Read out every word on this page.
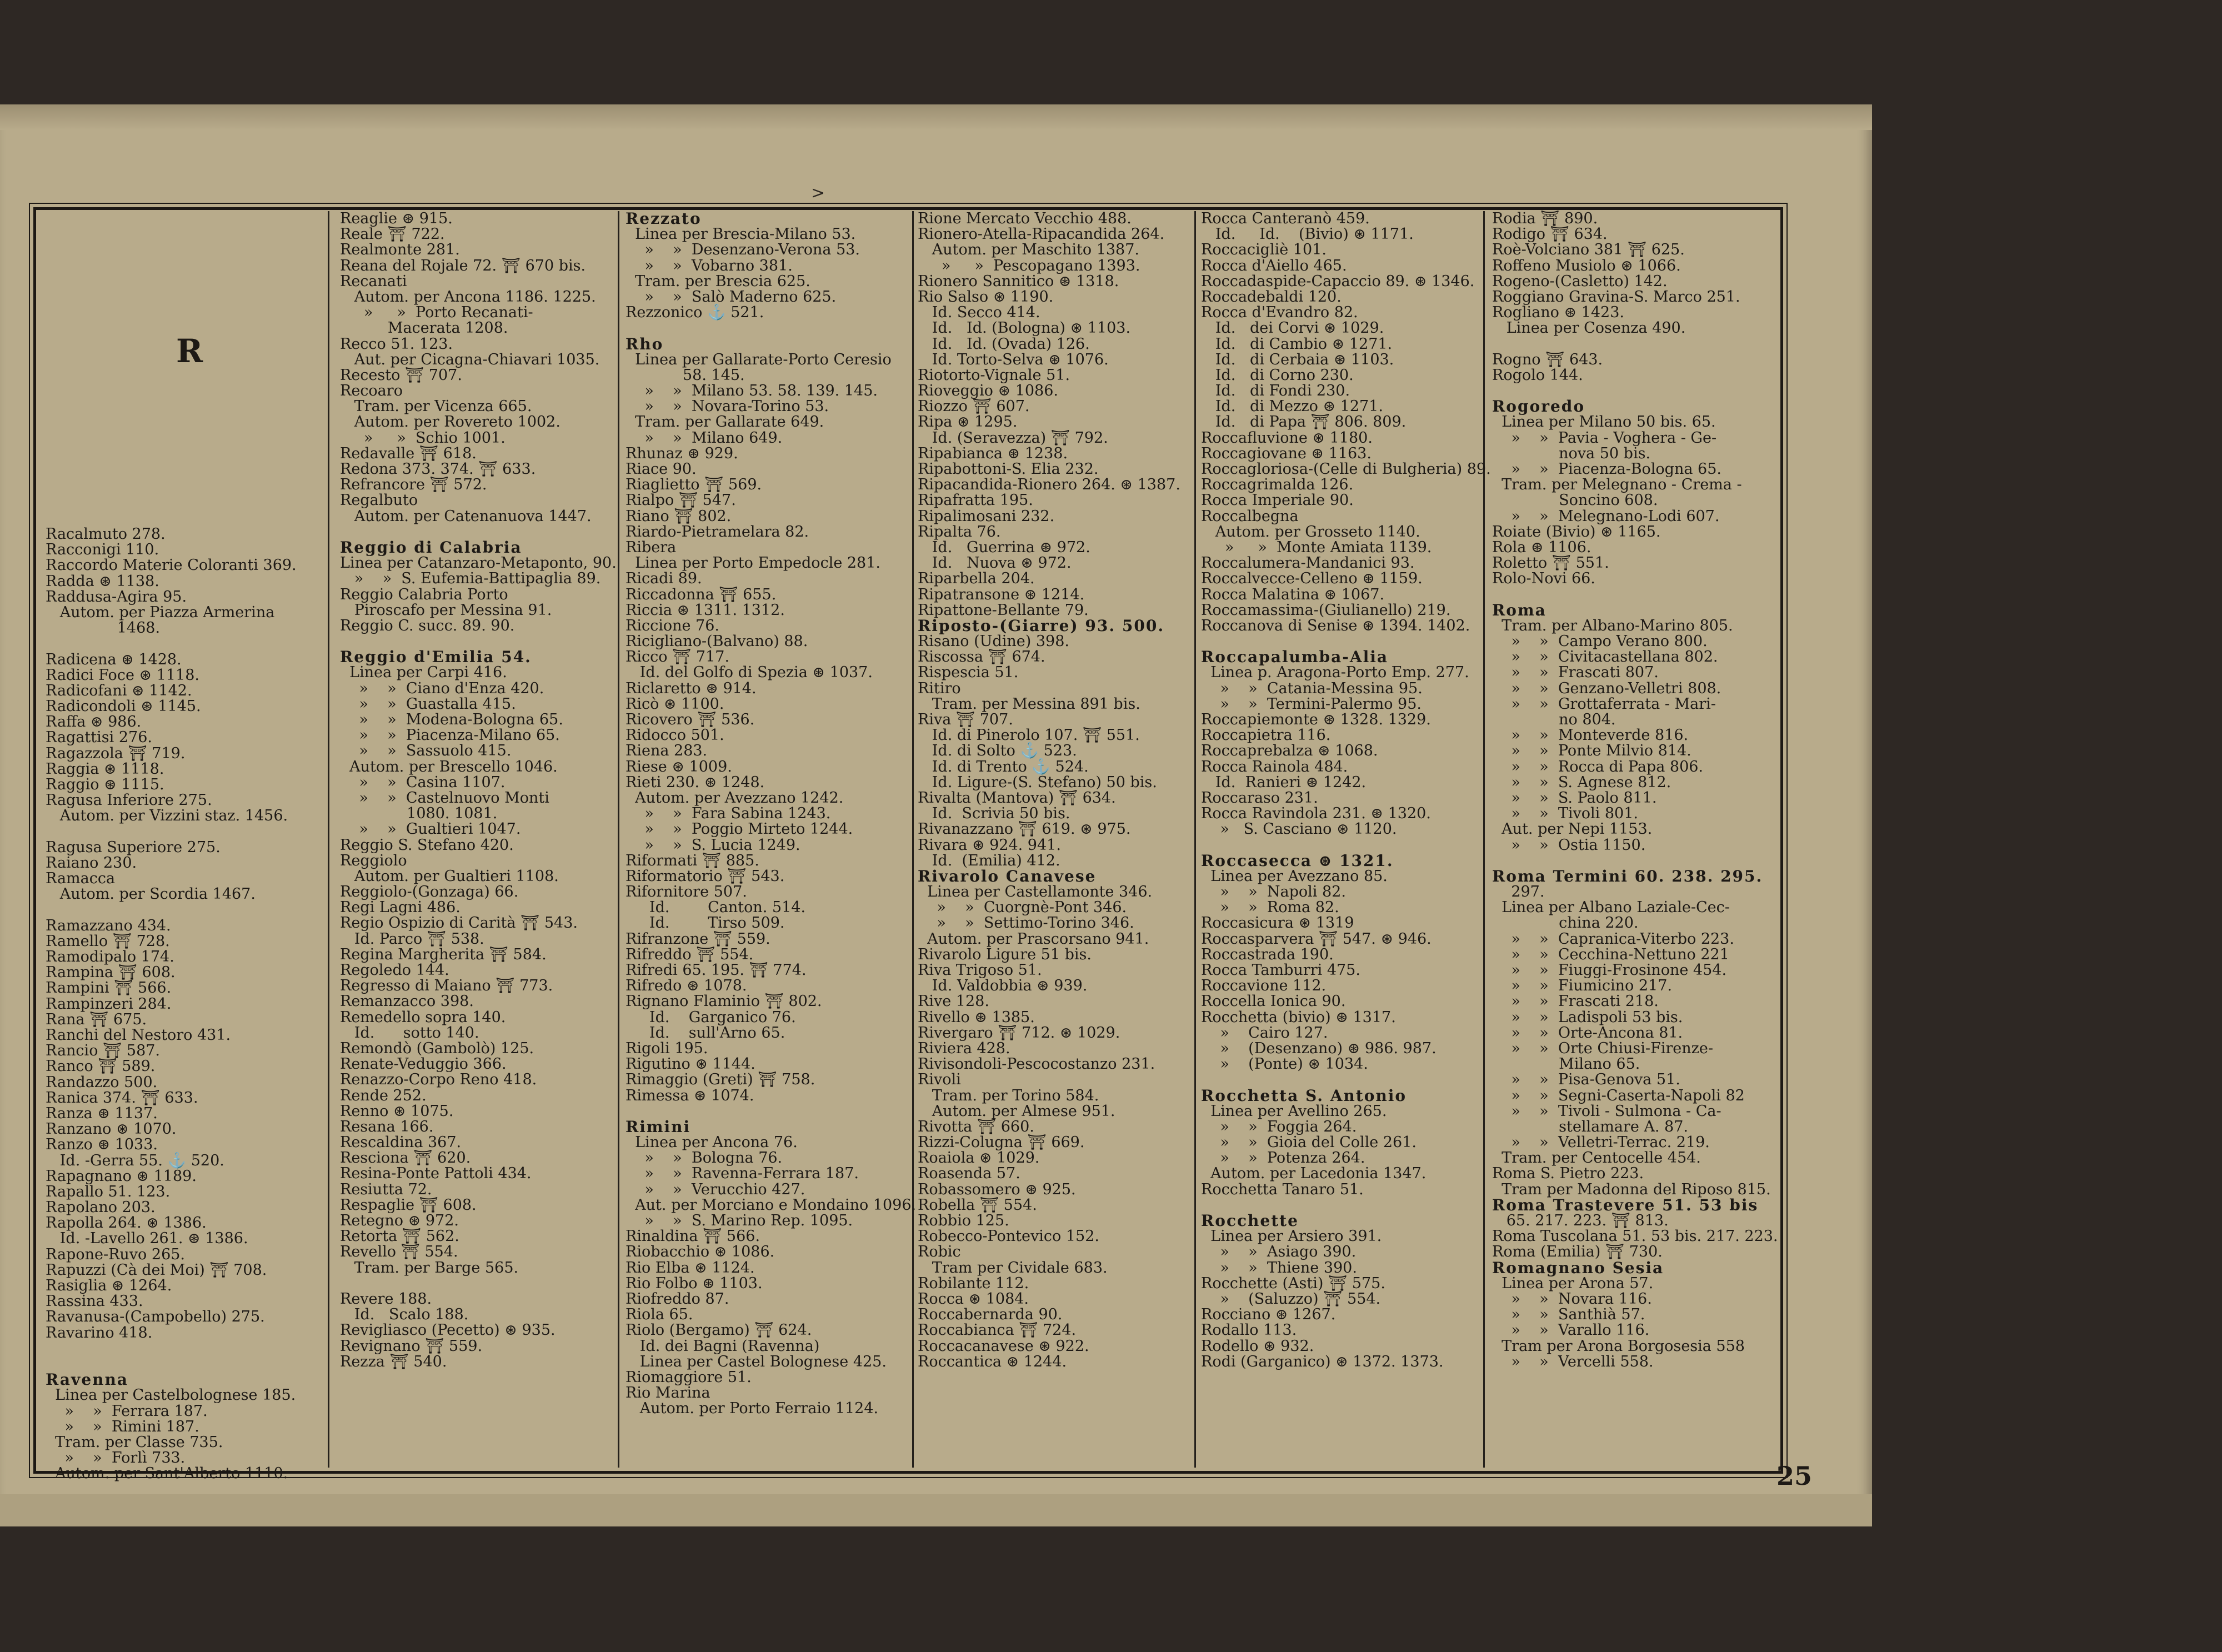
>
R
Racalmuto 278.
Racconigi 110.
Raccordo Materie Coloranti 369.
Radda ⊛ 1138.
Raddusa-Agira 95.
Autom. per Piazza Armerina
1468.
Radicena ⊛ 1428.
Radici Foce ⊛ 1118.
Radicofani ⊛ 1142.
Radicondoli ⊛ 1145.
Raffa ⊛ 986.
Ragattisi 276.
Ragazzola ⛩ 719.
Raggia ⊛ 1118.
Raggio ⊛ 1115.
Ragusa Inferiore 275.
Autom. per Vizzini staz. 1456.
Ragusa Superiore 275.
Raiano 230.
Ramacca
Autom. per Scordia 1467.
Ramazzano 434.
Ramello ⛩ 728.
Ramodipalo 174.
Rampina ⛩ 608.
Rampini ⛩ 566.
Rampinzeri 284.
Rana ⛩ 675.
Ranchi del Nestoro 431.
Rancio ⛩ 587.
Ranco ⛩ 589.
Randazzo 500.
Ranica 374. ⛩ 633.
Ranza ⊛ 1137.
Ranzano ⊛ 1070.
Ranzo ⊛ 1033.
Id. -Gerra 55. ⚓ 520.
Rapagnano ⊛ 1189.
Rapallo 51. 123.
Rapolano 203.
Rapolla 264. ⊛ 1386.
Id. -Lavello 261. ⊛ 1386.
Rapone-Ruvo 265.
Rapuzzi (Cà dei Moi) ⛩ 708.
Rasiglia ⊛ 1264.
Rassina 433.
Ravanusa-(Campobello) 275.
Ravarino 418.
Ravenna
Linea per Castelbolognese 185.
»    »  Ferrara 187.
»    »  Rimini 187.
Tram. per Classe 735.
»    »  Forlì 733.
Autom. per Sant'Alberto 1110.
Reaglie ⊛ 915.
Reale ⛩ 722.
Realmonte 281.
Reana del Rojale 72. ⛩ 670 bis.
Recanati
Autom. per Ancona 1186. 1225.
»     »  Porto Recanati-
Macerata 1208.
Recco 51. 123.
Aut. per Cicagna-Chiavari 1035.
Recesto ⛩ 707.
Recoaro
Tram. per Vicenza 665.
Autom. per Rovereto 1002.
»     »  Schio 1001.
Redavalle ⛩ 618.
Redona 373. 374. ⛩ 633.
Refrancore ⛩ 572.
Regalbuto
Autom. per Catenanuova 1447.
Reggio di Calabria
Linea per Catanzaro-Metaponto, 90.
»    »  S. Eufemia-Battipaglia 89.
Reggio Calabria Porto
Piroscafo per Messina 91.
Reggio C. succ. 89. 90.
Reggio d'Emilia 54.
Linea per Carpi 416.
»    »  Ciano d'Enza 420.
»    »  Guastalla 415.
»    »  Modena-Bologna 65.
»    »  Piacenza-Milano 65.
»    »  Sassuolo 415.
Autom. per Brescello 1046.
»    »  Casina 1107.
»    »  Castelnuovo Monti
1080. 1081.
»    »  Gualtieri 1047.
Reggio S. Stefano 420.
Reggiolo
Autom. per Gualtieri 1108.
Reggiolo-(Gonzaga) 66.
Regi Lagni 486.
Regio Ospizio di Carità ⛩ 543.
Id. Parco ⛩ 538.
Regina Margherita ⛩ 584.
Regoledo 144.
Regresso di Maiano ⛩ 773.
Remanzacco 398.
Remedello sopra 140.
Id.      sotto 140.
Remondò (Gambolò) 125.
Renate-Veduggio 366.
Renazzo-Corpo Reno 418.
Rende 252.
Renno ⊛ 1075.
Resana 166.
Rescaldina 367.
Resciona ⛩ 620.
Resina-Ponte Pattoli 434.
Resiutta 72.
Respaglie ⛩ 608.
Retegno ⊛ 972.
Retorta ⛩ 562.
Revello ⛩ 554.
Tram. per Barge 565.
Revere 188.
Id.   Scalo 188.
Revigliasco (Pecetto) ⊛ 935.
Revignano ⛩ 559.
Rezza ⛩ 540.
Rezzato
Linea per Brescia-Milano 53.
»    »  Desenzano-Verona 53.
»    »  Vobarno 381.
Tram. per Brescia 625.
»    »  Salò Maderno 625.
Rezzonico ⚓ 521.
Rho
Linea per Gallarate-Porto Ceresio
58. 145.
»    »  Milano 53. 58. 139. 145.
»    »  Novara-Torino 53.
Tram. per Gallarate 649.
»    »  Milano 649.
Rhunaz ⊛ 929.
Riace 90.
Riaglietto ⛩ 569.
Rialpo ⛩ 547.
Riano ⛩ 802.
Riardo-Pietramelara 82.
Ribera
Linea per Porto Empedocle 281.
Ricadi 89.
Riccadonna ⛩ 655.
Riccia ⊛ 1311. 1312.
Riccione 76.
Ricigliano-(Balvano) 88.
Ricco ⛩ 717.
Id. del Golfo di Spezia ⊛ 1037.
Riclaretto ⊛ 914.
Ricò ⊛ 1100.
Ricovero ⛩ 536.
Ridocco 501.
Riena 283.
Riese ⊛ 1009.
Rieti 230. ⊛ 1248.
Autom. per Avezzano 1242.
»    »  Fara Sabina 1243.
»    »  Poggio Mirteto 1244.
»    »  S. Lucia 1249.
Riformati ⛩ 885.
Riformatorio ⛩ 543.
Rifornitore 507.
Id.        Canton. 514.
Id.        Tirso 509.
Rifranzone ⛩ 559.
Rifreddo ⛩ 554.
Rifredi 65. 195. ⛩ 774.
Rifredo ⊛ 1078.
Rignano Flaminio ⛩ 802.
Id.    Garganico 76.
Id.    sull'Arno 65.
Rigoli 195.
Rigutino ⊛ 1144.
Rimaggio (Greti) ⛩ 758.
Rimessa ⊛ 1074.
Rimini
Linea per Ancona 76.
»    »  Bologna 76.
»    »  Ravenna-Ferrara 187.
»    »  Verucchio 427.
Aut. per Morciano e Mondaino 1096.
»    »  S. Marino Rep. 1095.
Rinaldina ⛩ 566.
Riobacchio ⊛ 1086.
Rio Elba ⊛ 1124.
Rio Folbo ⊛ 1103.
Riofreddo 87.
Riola 65.
Riolo (Bergamo) ⛩ 624.
Id. dei Bagni (Ravenna)
Linea per Castel Bolognese 425.
Riomaggiore 51.
Rio Marina
Autom. per Porto Ferraio 1124.
Rione Mercato Vecchio 488.
Rionero-Atella-Ripacandida 264.
Autom. per Maschito 1387.
»     »  Pescopagano 1393.
Rionero Sannitico ⊛ 1318.
Rio Salso ⊛ 1190.
Id. Secco 414.
Id.   Id. (Bologna) ⊛ 1103.
Id.   Id. (Ovada) 126.
Id. Torto-Selva ⊛ 1076.
Riotorto-Vignale 51.
Rioveggio ⊛ 1086.
Riozzo ⛩ 607.
Ripa ⊛ 1295.
Id. (Seravezza) ⛩ 792.
Ripabianca ⊛ 1238.
Ripabottoni-S. Elia 232.
Ripacandida-Rionero 264. ⊛ 1387.
Ripafratta 195.
Ripalimosani 232.
Ripalta 76.
Id.   Guerrina ⊛ 972.
Id.   Nuova ⊛ 972.
Riparbella 204.
Ripatransone ⊛ 1214.
Ripattone-Bellante 79.
Riposto-(Giarre) 93. 500.
Risano (Udine) 398.
Riscossa ⛩ 674.
Rispescia 51.
Ritiro
Tram. per Messina 891 bis.
Riva ⛩ 707.
Id. di Pinerolo 107. ⛩ 551.
Id. di Solto ⚓ 523.
Id. di Trento ⚓ 524.
Id. Ligure-(S. Stefano) 50 bis.
Rivalta (Mantova) ⛩ 634.
Id.  Scrivia 50 bis.
Rivanazzano ⛩ 619. ⊛ 975.
Rivara ⊛ 924. 941.
Id.  (Emilia) 412.
Rivarolo Canavese
Linea per Castellamonte 346.
»    »  Cuorgnè-Pont 346.
»    »  Settimo-Torino 346.
Autom. per Prascorsano 941.
Rivarolo Ligure 51 bis.
Riva Trigoso 51.
Id. Valdobbia ⊛ 939.
Rive 128.
Rivello ⊛ 1385.
Rivergaro ⛩ 712. ⊛ 1029.
Riviera 428.
Rivisondoli-Pescocostanzo 231.
Rivoli
Tram. per Torino 584.
Autom. per Almese 951.
Rivotta ⛩ 660.
Rizzi-Colugna ⛩ 669.
Roaiola ⊛ 1029.
Roasenda 57.
Robassomero ⊛ 925.
Robella ⛩ 554.
Robbio 125.
Robecco-Pontevico 152.
Robic
Tram per Cividale 683.
Robilante 112.
Rocca ⊛ 1084.
Roccabernarda 90.
Roccabianca ⛩ 724.
Roccacanavese ⊛ 922.
Roccantica ⊛ 1244.
Rocca Canteranò 459.
Id.     Id.    (Bivio) ⊛ 1171.
Roccacigliè 101.
Rocca d'Aiello 465.
Roccadaspide-Capaccio 89. ⊛ 1346.
Roccadebaldi 120.
Rocca d'Evandro 82.
Id.   dei Corvi ⊛ 1029.
Id.   di Cambio ⊛ 1271.
Id.   di Cerbaia ⊛ 1103.
Id.   di Corno 230.
Id.   di Fondi 230.
Id.   di Mezzo ⊛ 1271.
Id.   di Papa ⛩ 806. 809.
Roccafluvione ⊛ 1180.
Roccagiovane ⊛ 1163.
Roccagloriosa-(Celle di Bulgheria) 89.
Roccagrimalda 126.
Rocca Imperiale 90.
Roccalbegna
Autom. per Grosseto 1140.
»     »  Monte Amiata 1139.
Roccalumera-Mandanici 93.
Roccalvecce-Celleno ⊛ 1159.
Rocca Malatina ⊛ 1067.
Roccamassima-(Giulianello) 219.
Roccanova di Senise ⊛ 1394. 1402.
Roccapalumba-Alia
Linea p. Aragona-Porto Emp. 277.
»    »  Catania-Messina 95.
»    »  Termini-Palermo 95.
Roccapiemonte ⊛ 1328. 1329.
Roccapietra 116.
Roccaprebalza ⊛ 1068.
Rocca Rainola 484.
Id.  Ranieri ⊛ 1242.
Roccaraso 231.
Rocca Ravindola 231. ⊛ 1320.
»   S. Casciano ⊛ 1120.
Roccasecca ⊛ 1321.
Linea per Avezzano 85.
»    »  Napoli 82.
»    »  Roma 82.
Roccasicura ⊛ 1319
Roccasparvera ⛩ 547. ⊛ 946.
Roccastrada 190.
Rocca Tamburri 475.
Roccavione 112.
Roccella Ionica 90.
Rocchetta (bivio) ⊛ 1317.
»    Cairo 127.
»    (Desenzano) ⊛ 986. 987.
»    (Ponte) ⊛ 1034.
Rocchetta S. Antonio
Linea per Avellino 265.
»    »  Foggia 264.
»    »  Gioia del Colle 261.
»    »  Potenza 264.
Autom. per Lacedonia 1347.
Rocchetta Tanaro 51.
Rocchette
Linea per Arsiero 391.
»    »  Asiago 390.
»    »  Thiene 390.
Rocchette (Asti) ⛩ 575.
»    (Saluzzo) ⛩ 554.
Rocciano ⊛ 1267.
Rodallo 113.
Rodello ⊛ 932.
Rodi (Garganico) ⊛ 1372. 1373.
Rodia ⛩ 890.
Rodigo ⛩ 634.
Roè-Volciano 381 ⛩ 625.
Roffeno Musiolo ⊛ 1066.
Rogeno-(Casletto) 142.
Roggiano Gravina-S. Marco 251.
Rogliano ⊛ 1423.
Linea per Cosenza 490.
Rogno ⛩ 643.
Rogolo 144.
Rogoredo
Linea per Milano 50 bis. 65.
»    »  Pavia - Voghera - Ge-
nova 50 bis.
»    »  Piacenza-Bologna 65.
Tram. per Melegnano - Crema -
Soncino 608.
»    »  Melegnano-Lodi 607.
Roiate (Bivio) ⊛ 1165.
Rola ⊛ 1106.
Roletto ⛩ 551.
Rolo-Novi 66.
Roma
Tram. per Albano-Marino 805.
»    »  Campo Verano 800.
»    »  Civitacastellana 802.
»    »  Frascati 807.
»    »  Genzano-Velletri 808.
»    »  Grottaferrata - Mari-
no 804.
»    »  Monteverde 816.
»    »  Ponte Milvio 814.
»    »  Rocca di Papa 806.
»    »  S. Agnese 812.
»    »  S. Paolo 811.
»    »  Tivoli 801.
Aut. per Nepi 1153.
»    »  Ostia 1150.
Roma Termini 60. 238. 295.
297.
Linea per Albano Laziale-Cec-
china 220.
»    »  Capranica-Viterbo 223.
»    »  Cecchina-Nettuno 221
»    »  Fiuggi-Frosinone 454.
»    »  Fiumicino 217.
»    »  Frascati 218.
»    »  Ladispoli 53 bis.
»    »  Orte-Ancona 81.
»    »  Orte Chiusi-Firenze-
Milano 65.
»    »  Pisa-Genova 51.
»    »  Segni-Caserta-Napoli 82
»    »  Tivoli - Sulmona - Ca-
stellamare A. 87.
»    »  Velletri-Terrac. 219.
Tram. per Centocelle 454.
Roma S. Pietro 223.
Tram per Madonna del Riposo 815.
Roma Trastevere 51. 53 bis
65. 217. 223. ⛩ 813.
Roma Tuscolana 51. 53 bis. 217. 223.
Roma (Emilia) ⛩ 730.
Romagnano Sesia
Linea per Arona 57.
»    »  Novara 116.
»    »  Santhià 57.
»    »  Varallo 116.
Tram per Arona Borgosesia 558
»    »  Vercelli 558.
25
